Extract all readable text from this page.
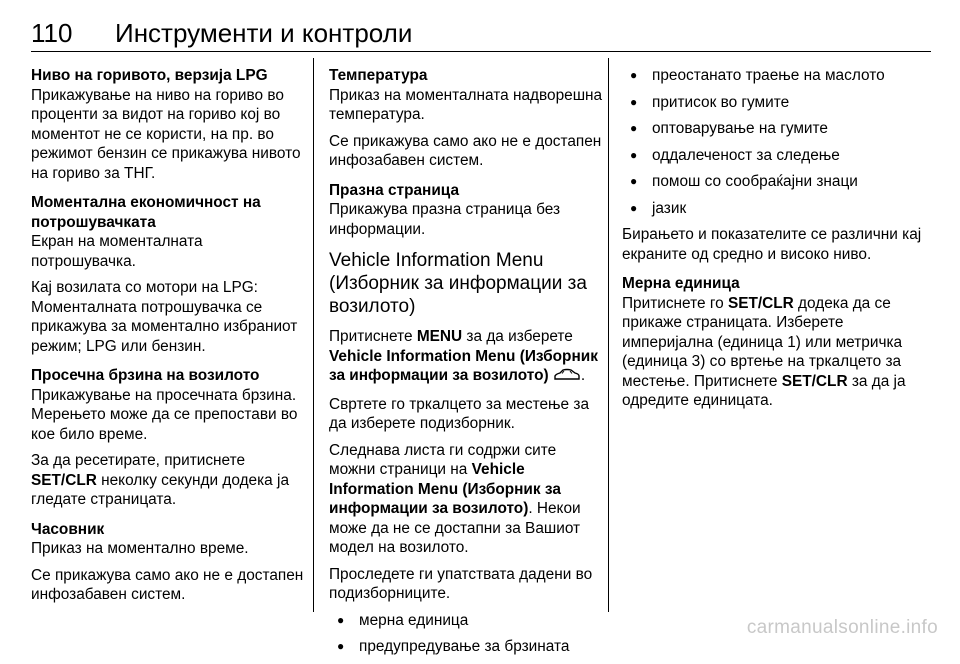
110 Инструменти и контроли
Ниво на горивото, верзија LPG
Прикажување на ниво на гориво во проценти за видот на гориво кој во моментот не се користи, на пр. во режимот бензин се прикажува нивото на гориво за ТНГ.
Моментална економичност на потрошувачката
Екран на моменталната потрошувачка.
Кај возилата со мотори на LPG: Моменталната потрошувачка се прикажува за моментално избраниот режим; LPG или бензин.
Просечна брзина на возилото
Прикажување на просечната брзина. Мерењето може да се препостави во кое било време.
За да ресетирате, притиснете SET/CLR неколку секунди додека ја гледате страницата.
Часовник
Приказ на моментално време.
Се прикажува само ако не е достапен инфозабавен систем.
Температура
Приказ на моменталната надворешна температура.
Се прикажува само ако не е достапен инфозабавен систем.
Празна страница
Прикажува празна страница без информации.
Vehicle Information Menu (Изборник за информации за возилото)
Притиснете MENU за да изберете Vehicle Information Menu (Изборник за информации за возилото) .
Свртете го тркалцето за местење за да изберете подизборник.
Следнава листа ги содржи сите можни страници на Vehicle Information Menu (Изборник за информации за возилото). Некои може да не се достапни за Вашиот модел на возилото.
Проследете ги упатствата дадени во подизборниците.
● мерна единица
● предупредување за брзината
● преостанато траење на маслото
● притисок во гумите
● оптоварување на гумите
● оддалеченост за следење
● помош со сообраќајни знаци
● јазик
Бирањето и показателите се различни кај екраните од средно и високо ниво.
Мерна единица
Притиснете го SET/CLR додека да се прикаже страницата. Изберете империјална (единица 1) или метричка (единица 3) со вртење на тркалцето за местење. Притиснете SET/CLR за да ја одредите единицата.
carmanualsonline.info
